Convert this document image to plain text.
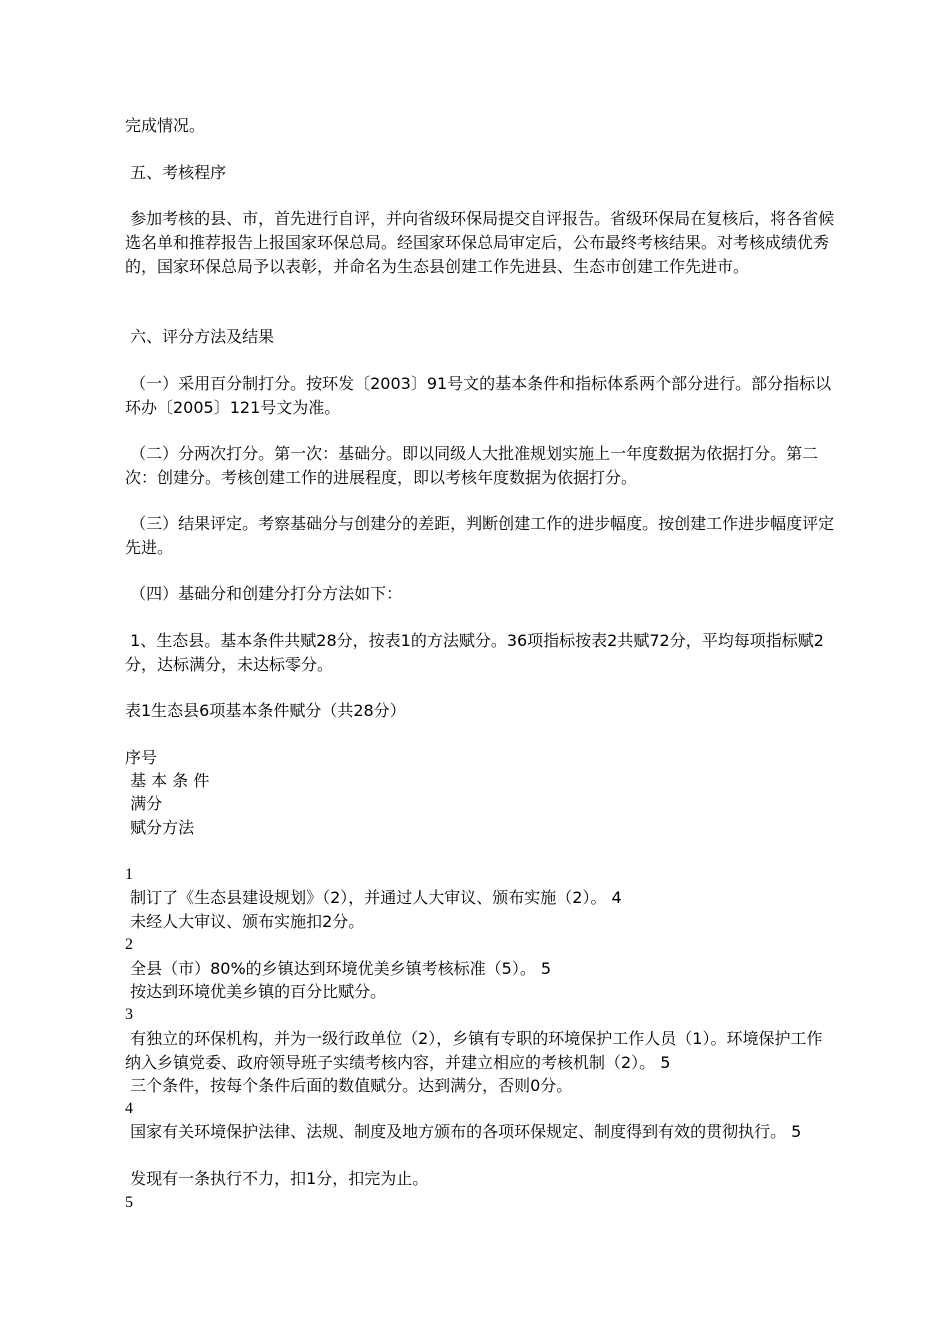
完成情况。

五、考核程序

参加考核的县、市，首先进行自评，并向省级环保局提交自评报告。省级环保局在复核后，将各省候选名单和推荐报告上报国家环保总局。经国家环保总局审定后，公布最终考核结果。对考核成绩优秀的，国家环保总局予以表彰，并命名为生态县创建工作先进县、生态市创建工作先进市。

六、评分方法及结果

（一）采用百分制打分。按环发〔2003〕91号文的基本条件和指标体系两个部分进行。部分指标以环办〔2005〕121号文为准。

（二）分两次打分。第一次：基础分。即以同级人大批准规划实施上一年度数据为依据打分。第二次：创建分。考核创建工作的进展程度，即以考核年度数据为依据打分。

（三）结果评定。考察基础分与创建分的差距，判断创建工作的进步幅度。按创建工作进步幅度评定先进。

（四）基础分和创建分打分方法如下：

1、生态县。基本条件共赋28分，按表1的方法赋分。36项指标按表2共赋72分，平均每项指标赋2分，达标满分，未达标零分。

表1生态县6项基本条件赋分（共28分）

序号

基 本 条 件

满分

赋分方法

1

制订了《生态县建设规划》（2），并通过人大审议、颁布实施（2）。 4

未经人大审议、颁布实施扣2分。

2

全县（市）80%的乡镇达到环境优美乡镇考核标准（5）。 5

按达到环境优美乡镇的百分比赋分。

3

有独立的环保机构，并为一级行政单位（2），乡镇有专职的环境保护工作人员（1）。环境保护工作纳入乡镇党委、政府领导班子实绩考核内容，并建立相应的考核机制（2）。 5

三个条件，按每个条件后面的数值赋分。达到满分，否则0分。

4

国家有关环境保护法律、法规、制度及地方颁布的各项环保规定、制度得到有效的贯彻执行。 5

发现有一条执行不力，扣1分，扣完为止。

5
